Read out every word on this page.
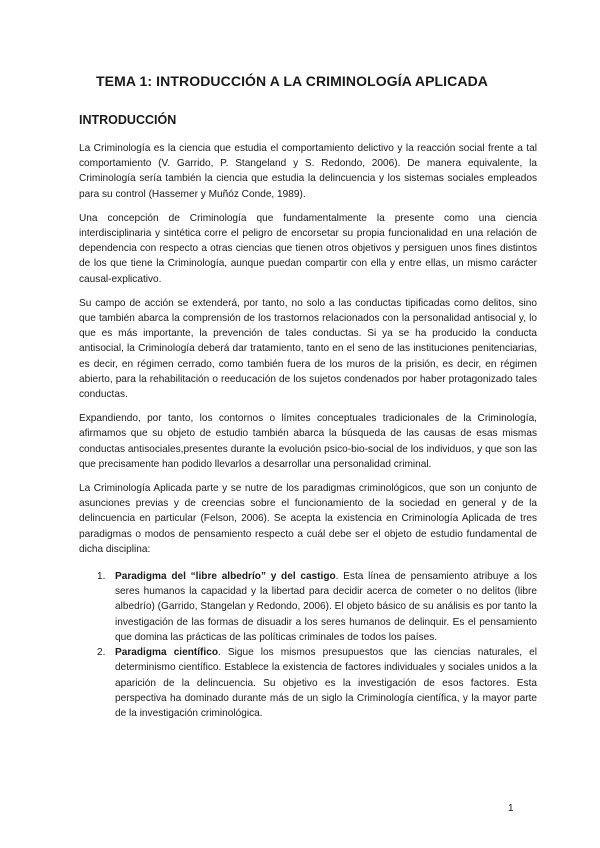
TEMA 1: INTRODUCCIÓN A LA CRIMINOLOGÍA APLICADA
INTRODUCCIÓN

La Criminología es la ciencia que estudia el comportamiento delictivo y la reacción social frente a tal comportamiento (V. Garrido, P. Stangeland y S. Redondo, 2006). De manera equivalente, la Criminología sería también la ciencia que estudia la delincuencia y los sistemas sociales empleados para su control (Hassemer y Muñóz Conde, 1989).

Una concepción de Criminología que fundamentalmente la presente como una ciencia interdisciplinaria y sintética corre el peligro de encorsetar su propia funcionalidad en una relación de dependencia con respecto a otras ciencias que tienen otros objetivos y persiguen unos fines distintos de los que tiene la Criminología, aunque puedan compartir con ella y entre ellas, un mismo carácter causal-explicativo.

Su campo de acción se extenderá, por tanto, no solo a las conductas tipificadas como delitos, sino que también abarca la comprensión de los trastornos relacionados con la personalidad antisocial y, lo que es más importante, la prevención de tales conductas. Si ya se ha producido la conducta antisocial, la Criminología deberá dar tratamiento, tanto en el seno de las instituciones penitenciarias, es decir, en régimen cerrado, como también fuera de los muros de la prisión, es decir, en régimen abierto, para la rehabilitación o reeducación de los sujetos condenados por haber protagonizado tales conductas.

Expandiendo, por tanto, los contornos o límites conceptuales tradicionales de la Criminología, afirmamos que su objeto de estudio también abarca la búsqueda de las causas de esas mismas conductas antisociales,presentes durante la evolución psico-bio-social de los individuos, y que son las que precisamente han podido llevarlos a desarrollar una personalidad criminal.

La Criminología Aplicada parte y se nutre de los paradigmas criminológicos, que son un conjunto de asunciones previas y de creencias sobre el funcionamiento de la sociedad en general y de la delincuencia en particular (Felson, 2006). Se acepta la existencia en Criminología Aplicada de tres paradigmas o modos de pensamiento respecto a cuál debe ser el objeto de estudio fundamental de dicha disciplina:

1. Paradigma del “libre albedrío” y del castigo. Esta línea de pensamiento atribuye a los seres humanos la capacidad y la libertad para decidir acerca de cometer o no delitos (libre albedrío) (Garrido, Stangelan y Redondo, 2006). El objeto básico de su análisis es por tanto la investigación de las formas de disuadir a los seres humanos de delinquir. Es el pensamiento que domina las prácticas de las políticas criminales de todos los países.
2. Paradigma científico. Sigue los mismos presupuestos que las ciencias naturales, el determinismo científico. Establece la existencia de factores individuales y sociales unidos a la aparición de la delincuencia. Su objetivo es la investigación de esos factores. Esta perspectiva ha dominado durante más de un siglo la Criminología científica, y la mayor parte de la investigación criminológica.
1
